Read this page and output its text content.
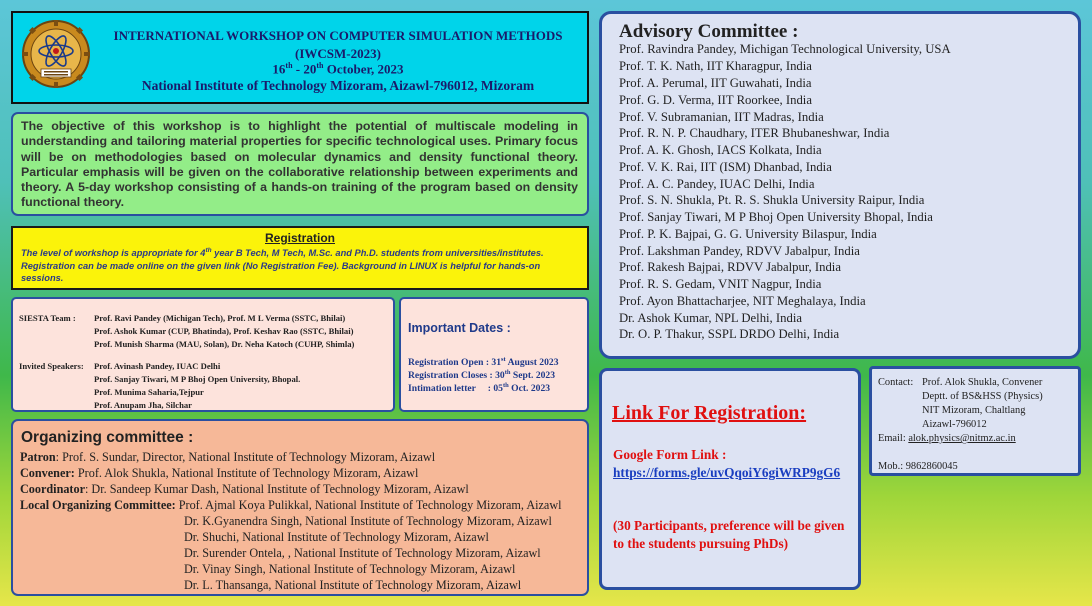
INTERNATIONAL WORKSHOP ON COMPUTER SIMULATION METHODS
(IWCSM-2023)
16th - 20th October, 2023
National Institute of Technology Mizoram, Aizawl-796012, Mizoram

The objective of this workshop is to highlight the potential of multiscale modeling in understanding and tailoring material properties for specific technological uses. Primary focus will be on methodologies based on molecular dynamics and density functional theory. Particular emphasis will be given on the collaborative relationship between experiments and theory. A 5-day workshop consisting of a hands-on training of the program based on density functional theory.

Registration

The level of workshop is appropriate for 4th year B Tech, M Tech, M.Sc. and Ph.D. students from universities/institutes. Registration can be made online on the given link (No Registration Fee). Background in LINUX is helpful for hands-on sessions.

SIESTA Team : Prof. Ravi Pandey (Michigan Tech), Prof. M L Verma (SSTC, Bhilai)
Prof. Ashok Kumar (CUP, Bhatinda), Prof. Keshav Rao (SSTC, Bhilai)
Prof. Munish Sharma (MAU, Solan), Dr. Neha Katoch (CUHP, Shimla)
Invited Speakers: Prof. Avinash Pandey, IUAC Delhi
Prof. Sanjay Tiwari, M P Bhoj Open University, Bhopal.
Prof. Munima Saharia,Tejpur
Prof. Anupam Jha, Silchar
Important Dates :
Registration Open : 31st August 2023
Registration Closes : 30th Sept. 2023
Intimation letter     : 05th Oct. 2023
Organizing committee :
Patron: Prof. S. Sundar, Director, National Institute of Technology Mizoram, Aizawl
Convener: Prof. Alok Shukla, National Institute of Technology Mizoram, Aizawl
Coordinator: Dr. Sandeep Kumar Dash, National Institute of Technology Mizoram, Aizawl
Local Organizing Committee: Prof. Ajmal Koya Pulikkal, National Institute of Technology Mizoram, Aizawl
Dr. K.Gyanendra Singh, National Institute of Technology Mizoram, Aizawl
Dr. Shuchi, National Institute of Technology Mizoram, Aizawl
Dr. Surender Ontela, , National Institute of Technology Mizoram, Aizawl
Dr. Vinay Singh, National Institute of Technology Mizoram, Aizawl
Dr. L. Thansanga, National Institute of Technology Mizoram, Aizawl
Advisory Committee :
Prof. Ravindra Pandey, Michigan Technological University, USA
Prof. T. K. Nath, IIT Kharagpur, India
Prof. A. Perumal, IIT Guwahati, India
Prof. G. D. Verma, IIT Roorkee, India
Prof. V. Subramanian, IIT Madras, India
Prof. R. N. P. Chaudhary, ITER Bhubaneshwar, India
Prof. A. K. Ghosh, IACS Kolkata, India
Prof. V. K. Rai, IIT (ISM) Dhanbad, India
Prof. A. C. Pandey, IUAC Delhi, India
Prof. S. N. Shukla, Pt. R. S. Shukla University Raipur, India
Prof. Sanjay Tiwari, M P Bhoj Open University Bhopal, India
Prof. P. K. Bajpai, G. G. University Bilaspur, India
Prof. Lakshman Pandey, RDVV Jabalpur, India
Prof. Rakesh Bajpai, RDVV Jabalpur, India
Prof. R. S. Gedam, VNIT Nagpur, India
Prof. Ayon Bhattacharjee, NIT Meghalaya, India
Dr. Ashok Kumar, NPL Delhi, India
Dr. O. P. Thakur, SSPL DRDO Delhi, India
Link For Registration:
Google Form Link :
https://forms.gle/uvQqoiY6giWRP9gG6
(30 Participants, preference will be given to the students pursuing PhDs)
Contact: Prof. Alok Shukla, Convener
Deptt. of BS&HSS (Physics)
NIT Mizoram, Chaltlang
Aizawl-796012
Email: alok.physics@nitmz.ac.in
Mob.: 9862860045
